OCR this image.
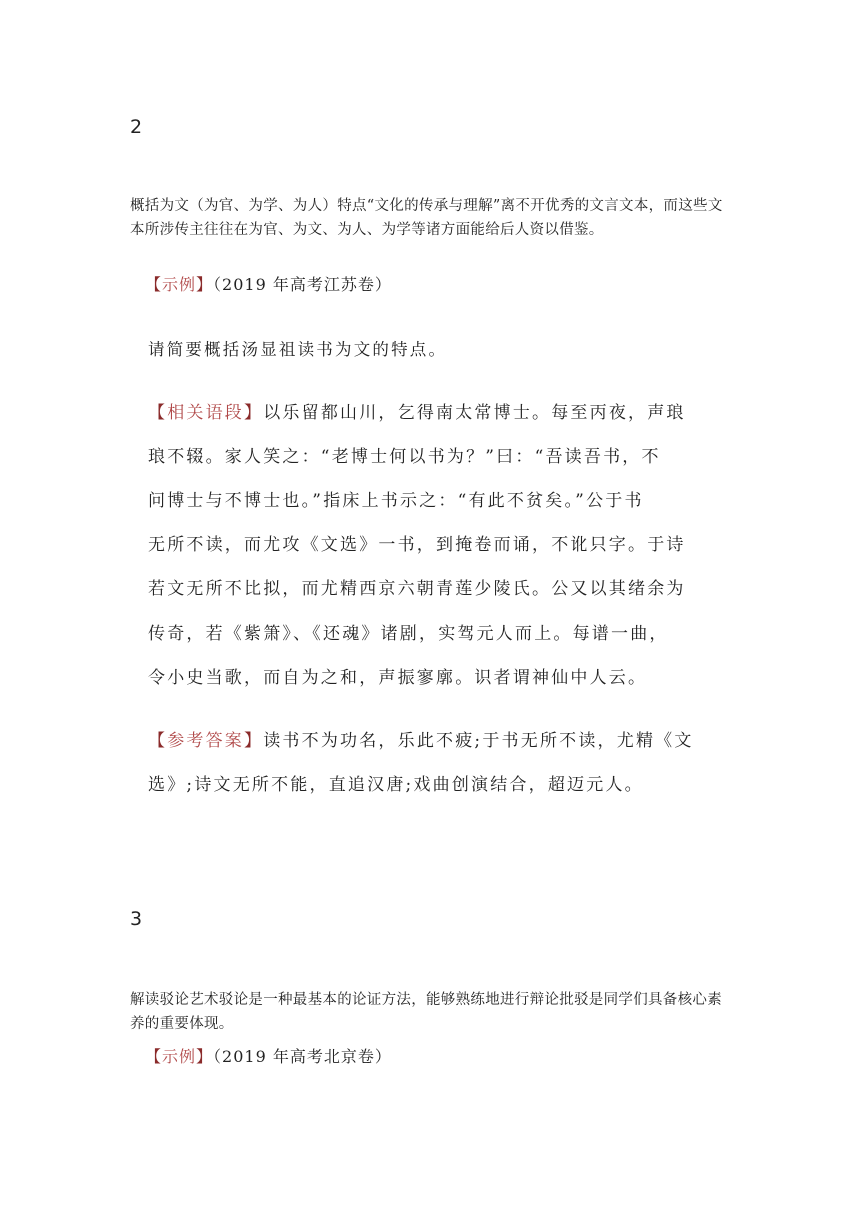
2
概括为文（为官、为学、为人）特点“文化的传承与理解”离不开优秀的文言文本，而这些文本所涉传主往往在为官、为文、为人、为学等诸方面能给后人资以借鉴。
【示例】（2019 年高考江苏卷）
请简要概括汤显祖读书为文的特点。
【相关语段】以乐留都山川，乞得南太常博士。每至丙夜，声琅
琅不辍。家人笑之：“老博士何以书为？”曰：“吾读吾书，不
问博士与不博士也。”指床上书示之：“有此不贫矣。”公于书
无所不读，而尤攻《文选》一书，到掩卷而诵，不讹只字。于诗
若文无所不比拟，而尤精西京六朝青莲少陵氏。公又以其绪余为
传奇，若《紫箫》、《还魂》诸剧，实驾元人而上。每谱一曲，
令小史当歌，而自为之和，声振寥廓。识者谓神仙中人云。
【参考答案】读书不为功名，乐此不疲;于书无所不读，尤精《文
选》;诗文无所不能，直追汉唐;戏曲创演结合，超迈元人。
3
解读驳论艺术驳论是一种最基本的论证方法，能够熟练地进行辩论批驳是同学们具备核心素养的重要体现。
【示例】（2019 年高考北京卷）
